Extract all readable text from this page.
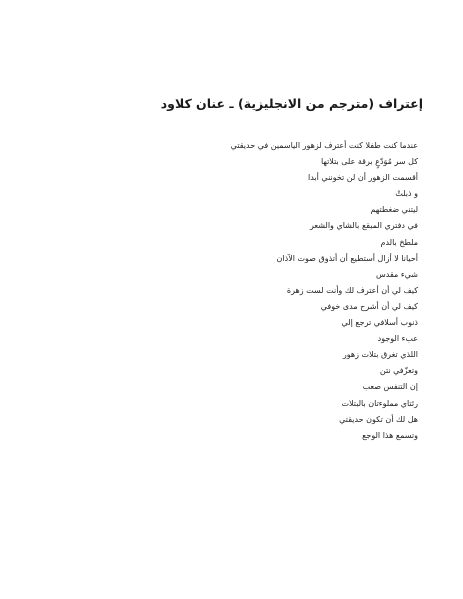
إعتراف (مترجم من الانجليزية) ـ عنان كلاود
عندما كنت طفلا كنت أعترف لزهور الياسمين في حديقتي
كل سر مُوَدّعٍ برقة على بتلاتها
أقسمت الزهور أن لن تخونني أبدا
و ذبلتْ
ليتني ضغطتهم
في دفتري المبقع بالشاي والشعر
ملطخ بالدم
أحيانا لا أزال أستطيع أن أتذوق صوت الآذان
شيء مقدس
كيف لي أن أعترف لك وأنت لست زهرة
كيف لي أن أشرح مدى خوفي
ذنوب أسلافي ترجع إلي
عبء الوجود
اللذي تغرق بتلات زهور
وتعزّفي نتن
إن التنفس صعب
رئتاي مملوءتان بالبتلات
هل لك أن تكون حديقتي
وتسمع هذا الوجع
